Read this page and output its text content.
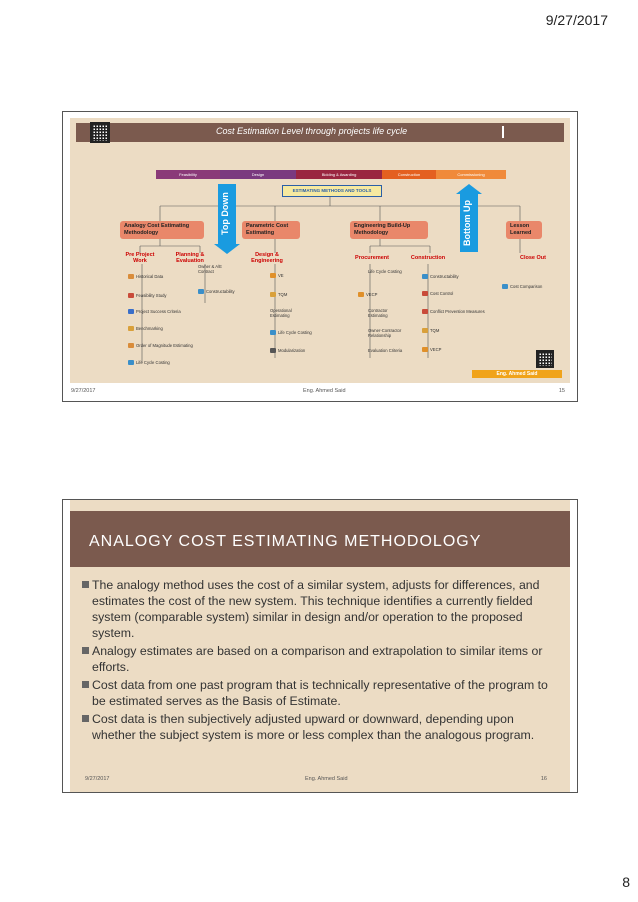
9/27/2017
Cost Estimation Level through projects life cycle
Feasibility	Design	Bidding & Awarding	Construction	Commissioning
ESTIMATING METHODS AND TOOLS
Top Down	Bottom Up
Analogy Cost Estimating Methodology
Parametric Cost Estimating
Engineering Build-Up Methodology
Lesson Learned
Pre Project Work
Planning & Evaluation
Design & Engineering	Procurement	Construction	Close Out
Historical Data
Feasibility Study
Project Success Criteria
Benchmarking
Order of Magnitude Estimating
Life Cycle Costing
Owner & A/E Contract
Constructability
VE
TQM
Operational Estimating
Life Cycle Costing
Modularization
Life Cycle Costing
VECP
Contractor Estimating
Owner-Contractor Relationship
Evaluation Criteria
Constructability
Cost Control
Conflict Prevention Measures
TQM
VECP
Cost Comparison
Eng. Ahmed Said
9/27/2017	Eng. Ahmed Said	15
ANALOGY COST ESTIMATING METHODOLOGY
The analogy method uses the cost of a similar system, adjusts for differences, and estimates the cost of the new system. This technique identifies a currently fielded system (comparable system) similar in design and/or operation to the proposed system.
Analogy estimates are based on a comparison and extrapolation to similar items or efforts.
Cost data from one past program that is technically representative of the program to be estimated serves as the Basis of Estimate.
Cost data is then subjectively adjusted upward or downward, depending upon whether the subject system is more or less complex than the analogous program.
9/27/2017	Eng. Ahmed Said	16
8
